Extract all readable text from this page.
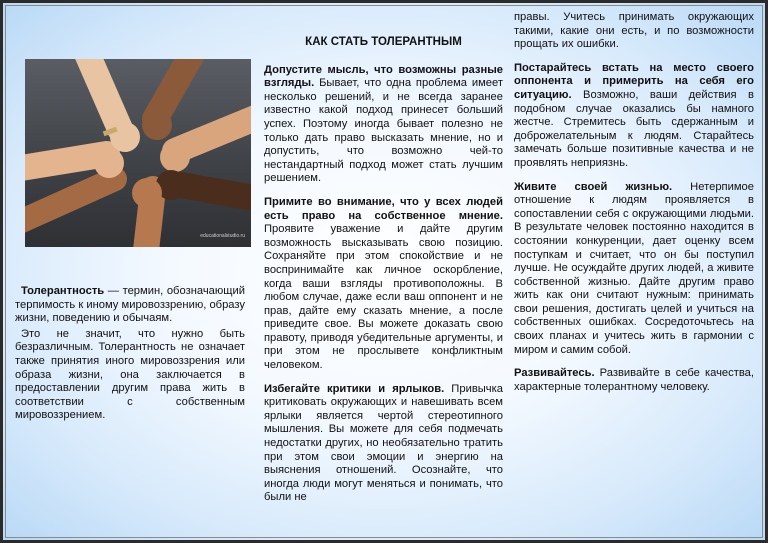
educationalstudio.ru

Толерантность — термин, обозначающий терпимость к иному мировоззрению, образу жизни, поведению и обычаям.

Это не значит, что нужно быть безразличным. Толерантность не означает также принятия иного мировоззрения или образа жизни, она заключается в предоставлении другим права жить в соответствии с собственным мировоззрением.

КАК СТАТЬ ТОЛЕРАНТНЫМ

Допустите мысль, что возможны разные взгляды. Бывает, что одна проблема имеет несколько решений, и не всегда заранее известно какой подход принесет больший успех. Поэтому иногда бывает полезно не только дать право высказать мнение, но и допустить, что возможно чей-то нестандартный подход может стать лучшим решением.

Примите во внимание, что у всех людей есть право на собственное мнение. Проявите уважение и дайте другим возможность высказывать свою позицию. Сохраняйте при этом спокойствие и не воспринимайте как личное оскорбление, когда ваши взгляды противоположны. В любом случае, даже если ваш оппонент и не прав, дайте ему сказать мнение, а после приведите свое. Вы можете доказать свою правоту, приводя убедительные аргументы, и при этом не прослывете конфликтным человеком.

Избегайте критики и ярлыков. Привычка критиковать окружающих и навешивать всем ярлыки является чертой стереотипного мышления. Вы можете для себя подмечать недостатки других, но необязательно тратить при этом свои эмоции и энергию на выяснения отношений. Осознайте, что иногда люди могут меняться и понимать, что были не

правы. Учитесь принимать окружающих такими, какие они есть, и по возможности прощать их ошибки.

Постарайтесь встать на место своего оппонента и примерить на себя его ситуацию. Возможно, ваши действия в подобном случае оказались бы намного жестче. Стремитесь быть сдержанным и доброжелательным к людям. Старайтесь замечать больше позитивные качества и не проявлять неприязнь.

Живите своей жизнью. Нетерпимое отношение к людям проявляется в сопоставлении себя с окружающими людьми. В результате человек постоянно находится в состоянии конкуренции, дает оценку всем поступкам и считает, что он бы поступил лучше. Не осуждайте других людей, а живите собственной жизнью. Дайте другим право жить как они считают нужным: принимать свои решения, достигать целей и учиться на собственных ошибках. Сосредоточьтесь на своих планах и учитесь жить в гармонии с миром и самим собой.

Развивайтесь. Развивайте в себе качества, характерные толерантному человеку.
